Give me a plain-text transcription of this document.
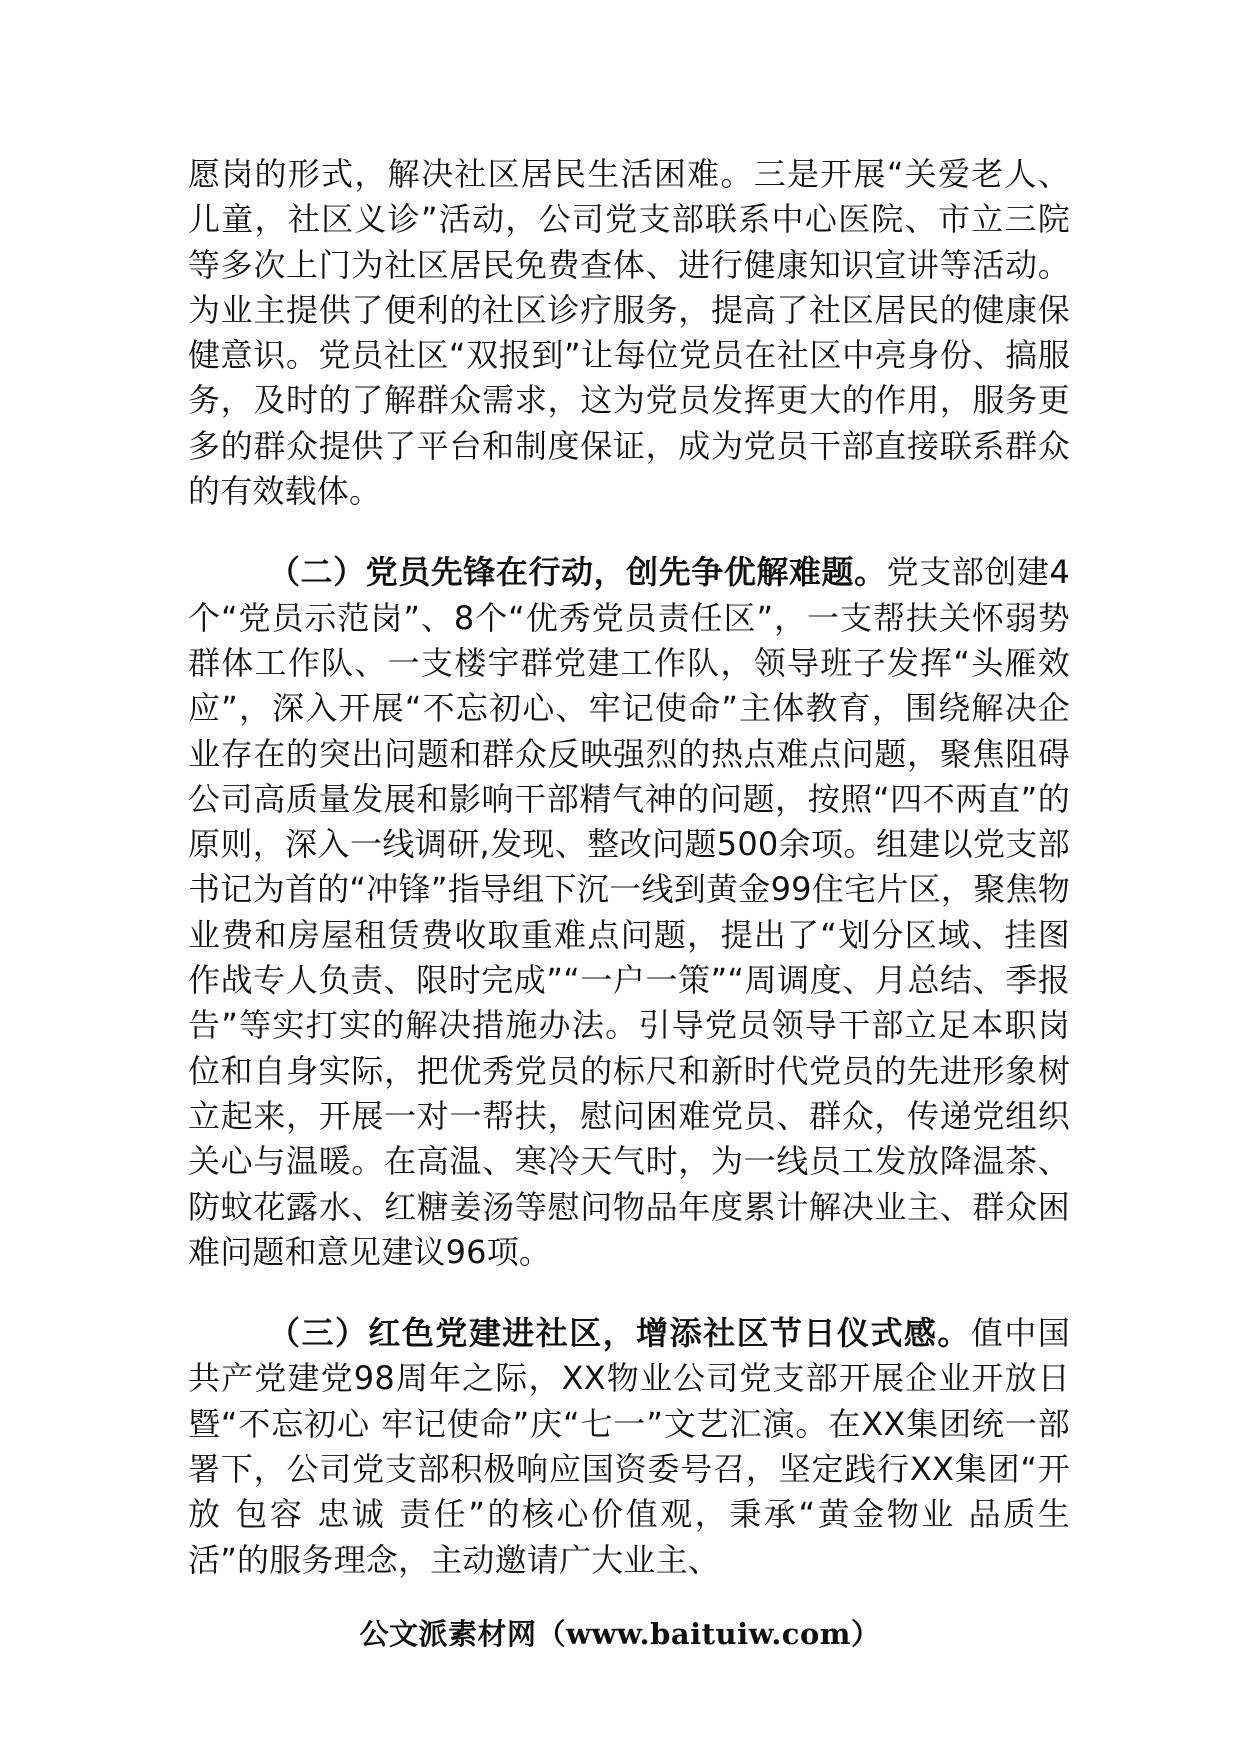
愿岗的形式，解决社区居民生活困难。三是开展“关爱老人、儿童，社区义诊”活动，公司党支部联系中心医院、市立三院等多次上门为社区居民免费查体、进行健康知识宣讲等活动。为业主提供了便利的社区诊疗服务，提高了社区居民的健康保健意识。党员社区“双报到”让每位党员在社区中亮身份、搞服务，及时的了解群众需求，这为党员发挥更大的作用，服务更多的群众提供了平台和制度保证，成为党员干部直接联系群众的有效载体。

（二）党员先锋在行动，创先争优解难题。党支部创建4个“党员示范岗”、8个“优秀党员责任区”，一支帮扶关怀弱势群体工作队、一支楼宇群党建工作队，领导班子发挥“头雁效应”，深入开展“不忘初心、牢记使命”主体教育，围绕解决企业存在的突出问题和群众反映强烈的热点难点问题，聚焦阻碍公司高质量发展和影响干部精气神的问题，按照“四不两直”的原则，深入一线调研,发现、整改问题500余项。组建以党支部书记为首的“冲锋”指导组下沉一线到黄金99住宅片区，聚焦物业费和房屋租赁费收取重难点问题，提出了“划分区域、挂图作战专人负责、限时完成”“一户一策”“周调度、月总结、季报告”等实打实的解决措施办法。引导党员领导干部立足本职岗位和自身实际，把优秀党员的标尺和新时代党员的先进形象树立起来，开展一对一帮扶，慰问困难党员、群众，传递党组织关心与温暖。在高温、寒冷天气时，为一线员工发放降温茶、防蚊花露水、红糖姜汤等慰问物品年度累计解决业主、群众困难问题和意见建议96项。

（三）红色党建进社区，增添社区节日仪式感。值中国共产党建党98周年之际，XX物业公司党支部开展企业开放日暨“不忘初心 牢记使命”庆“七一”文艺汇演。在XX集团统一部署下，公司党支部积极响应国资委号召，坚定践行XX集团“开放 包容 忠诚 责任”的核心价值观，秉承“黄金物业 品质生活”的服务理念，主动邀请广大业主、

公文派素材网（www.baituiw.com）
